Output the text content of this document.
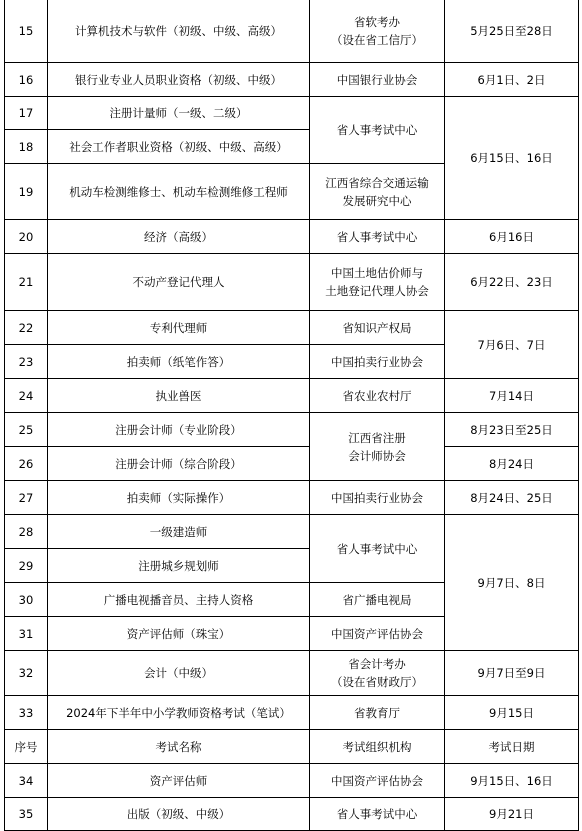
15	计算机技术与软件（初级、中级、高级）	省软考办
（设在省工信厅）	5月25日至28日
16	银行业专业人员职业资格（初级、中级）	中国银行业协会	6月1日、2日
17	注册计量师（一级、二级）	省人事考试中心	6月15日、16日
18	社会工作者职业资格（初级、中级、高级）		
19	机动车检测维修士、机动车检测维修工程师	江西省综合交通运输
发展研究中心	
20	经济（高级）	省人事考试中心	6月16日
21	不动产登记代理人	中国土地估价师与
土地登记代理人协会	6月22日、23日
22	专利代理师	省知识产权局	7月6日、7日
23	拍卖师（纸笔作答）	中国拍卖行业协会	
24	执业兽医	省农业农村厅	7月14日
25	注册会计师（专业阶段）	江西省注册
会计师协会	8月23日至25日
26	注册会计师（综合阶段）		8月24日
27	拍卖师（实际操作）	中国拍卖行业协会	8月24日、25日
28	一级建造师	省人事考试中心	9月7日、8日
29	注册城乡规划师		
30	广播电视播音员、主持人资格	省广播电视局	
31	资产评估师（珠宝）	中国资产评估协会	
32	会计（中级）	省会计考办
（设在省财政厅）	9月7日至9日
33	2024年下半年中小学教师资格考试（笔试）	省教育厅	9月15日
序号	考试名称	考试组织机构	考试日期
34	资产评估师	中国资产评估协会	9月15日、16日
35	出版（初级、中级）	省人事考试中心	9月21日
